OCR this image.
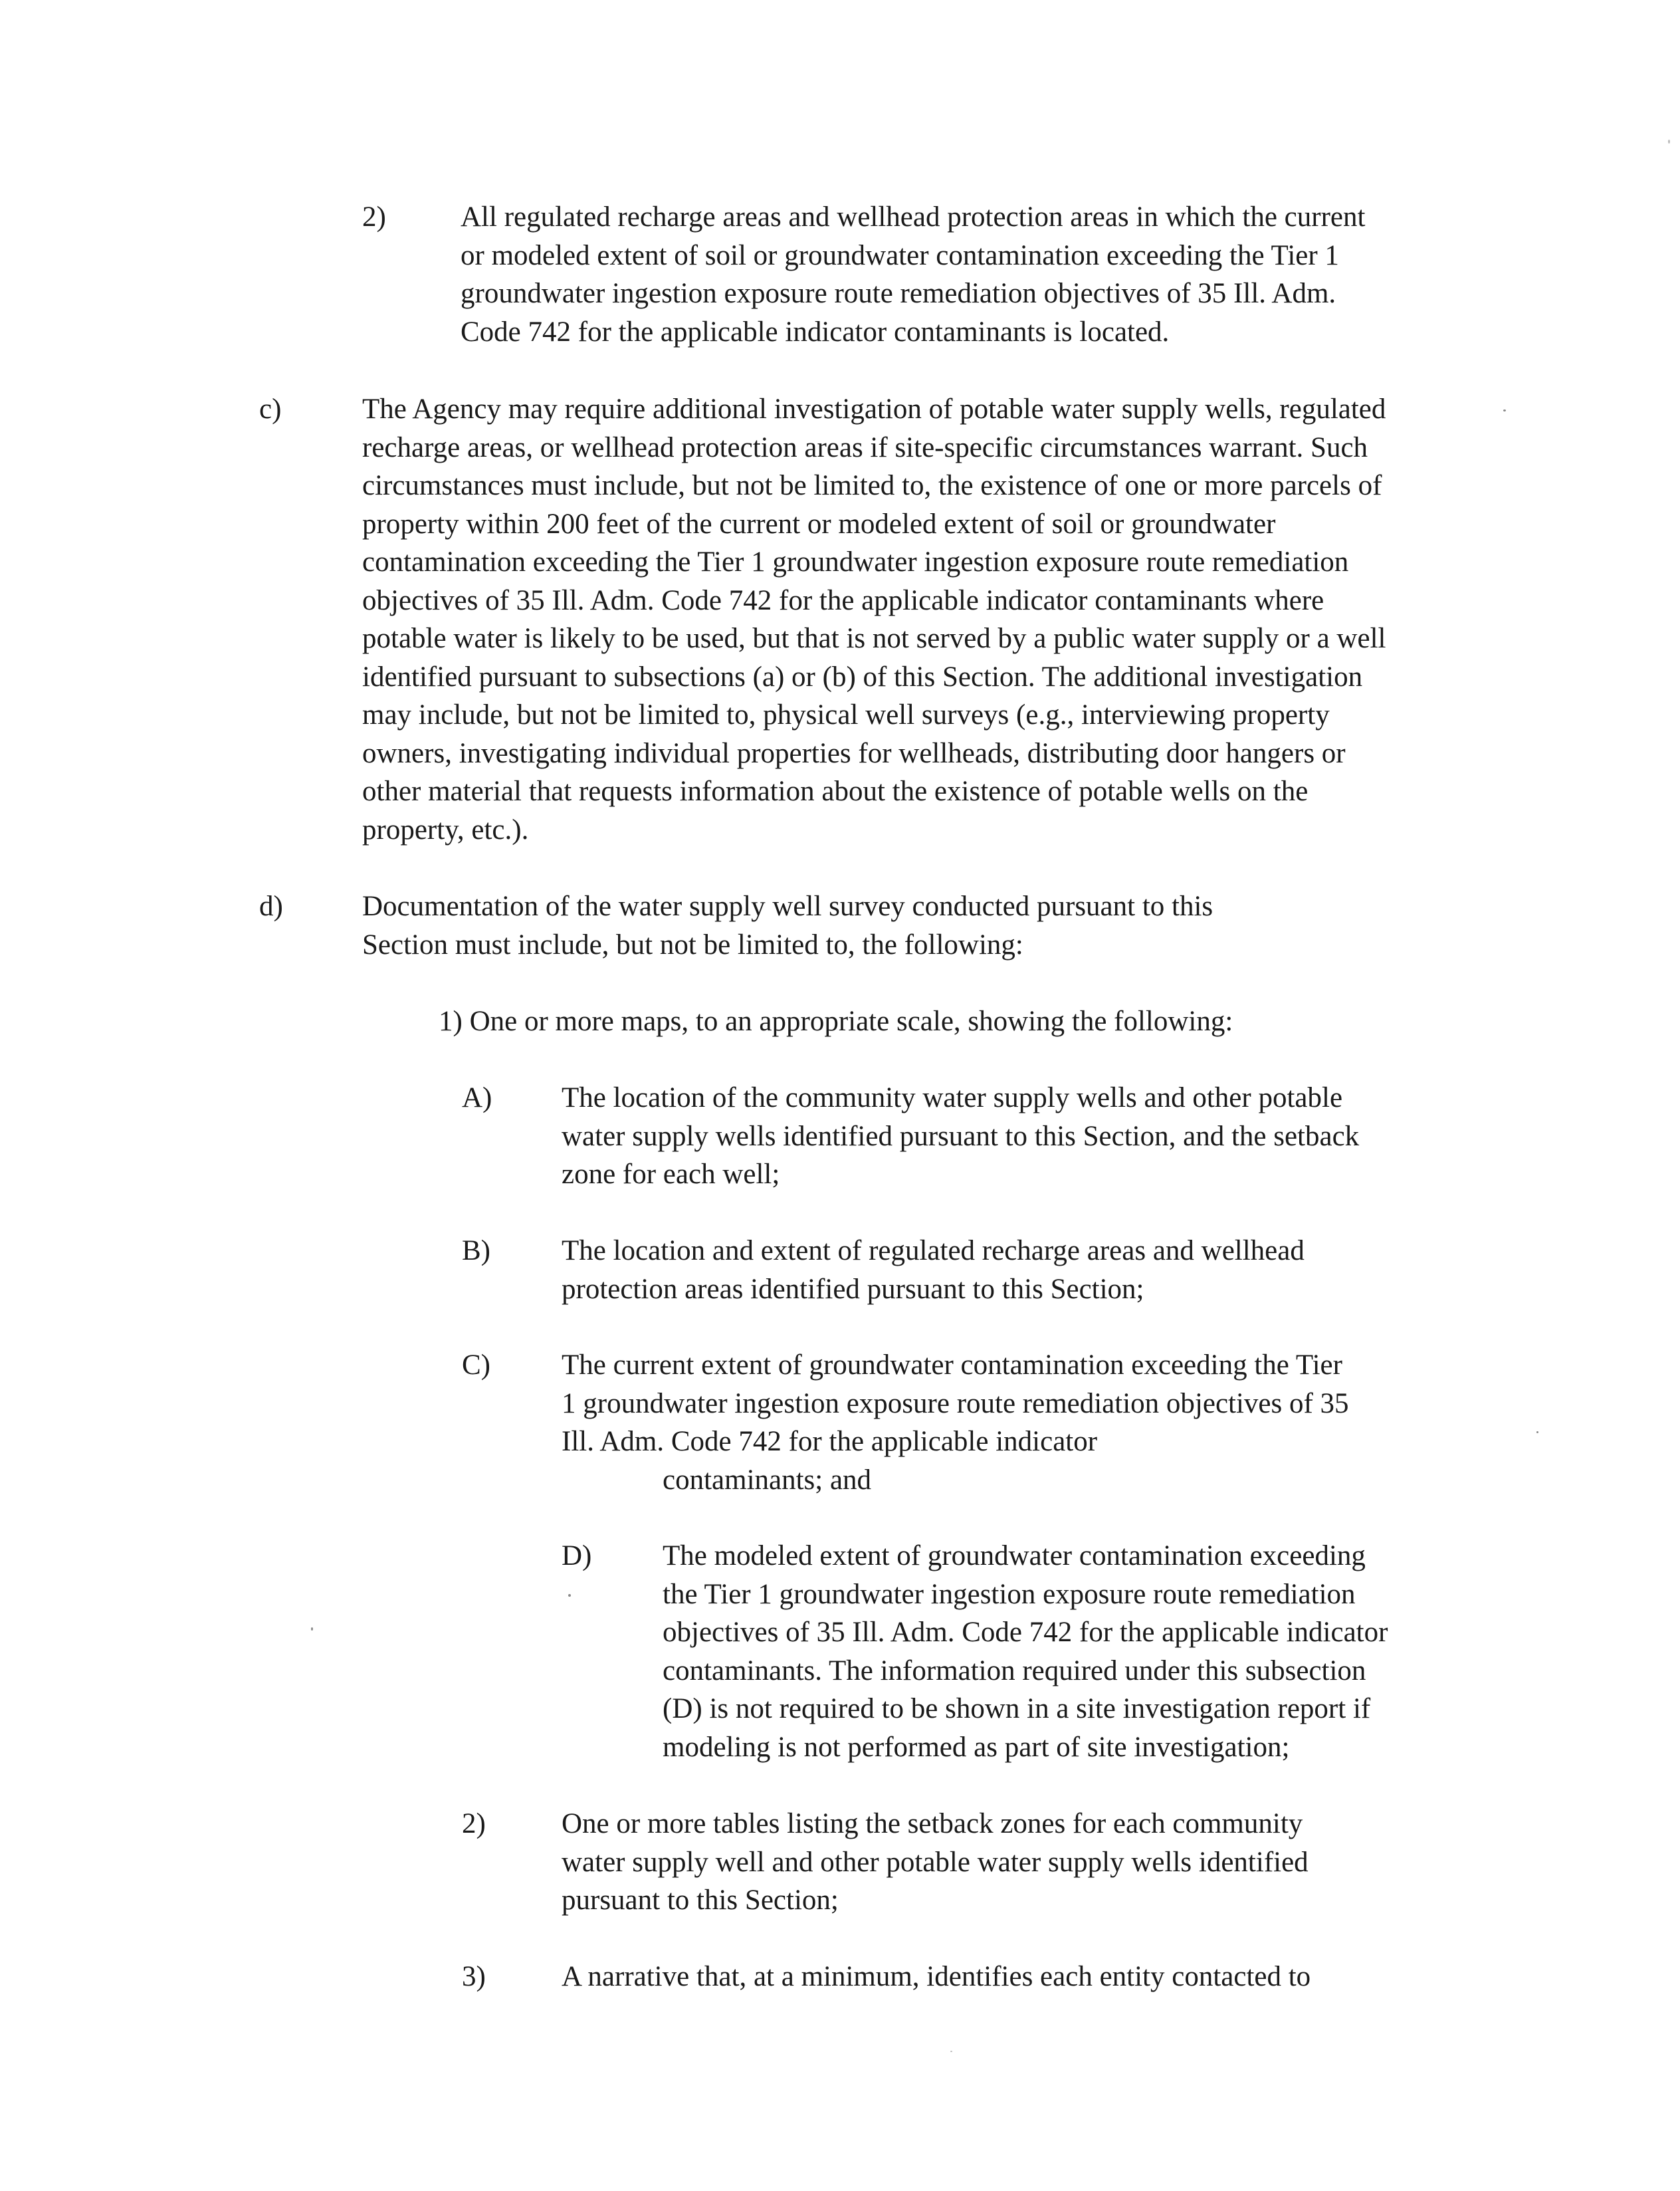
2)	All regulated recharge areas and wellhead protection areas in which the current
or modeled extent of soil or groundwater contamination exceeding the Tier 1
groundwater ingestion exposure route remediation objectives of 35 Ill. Adm.
Code 742 for the applicable indicator contaminants is located.
c)	The Agency may require additional investigation of potable water supply wells, regulated
recharge areas, or wellhead protection areas if site-specific circumstances warrant. Such
circumstances must include, but not be limited to, the existence of one or more parcels of
property within 200 feet of the current or modeled extent of soil or groundwater
contamination exceeding the Tier 1 groundwater ingestion exposure route remediation
objectives of 35 Ill. Adm. Code 742 for the applicable indicator contaminants where
potable water is likely to be used, but that is not served by a public water supply or a well
identified pursuant to subsections (a) or (b) of this Section. The additional investigation
may include, but not be limited to, physical well surveys (e.g., interviewing property
owners, investigating individual properties for wellheads, distributing door hangers or
other material that requests information about the existence of potable wells on the
property, etc.).
d)	Documentation of the water supply well survey conducted pursuant to this
Section must include, but not be limited to, the following:
1) One or more maps, to an appropriate scale, showing the following:
A) The location of the community water supply wells and other potable
water supply wells identified pursuant to this Section, and the setback
zone for each well;
B) The location and extent of regulated recharge areas and wellhead
protection areas identified pursuant to this Section;
C) The current extent of groundwater contamination exceeding the Tier
1 groundwater ingestion exposure route remediation objectives of 35
Ill. Adm. Code 742 for the applicable indicator
contaminants; and
D) The modeled extent of groundwater contamination exceeding
the Tier 1 groundwater ingestion exposure route remediation
objectives of 35 Ill. Adm. Code 742 for the applicable indicator
contaminants. The information required under this subsection
(D) is not required to be shown in a site investigation report if
modeling is not performed as part of site investigation;
2)	One or more tables listing the setback zones for each community
water supply well and other potable water supply wells identified
pursuant to this Section;
3)	A narrative that, at a minimum, identifies each entity contacted to
